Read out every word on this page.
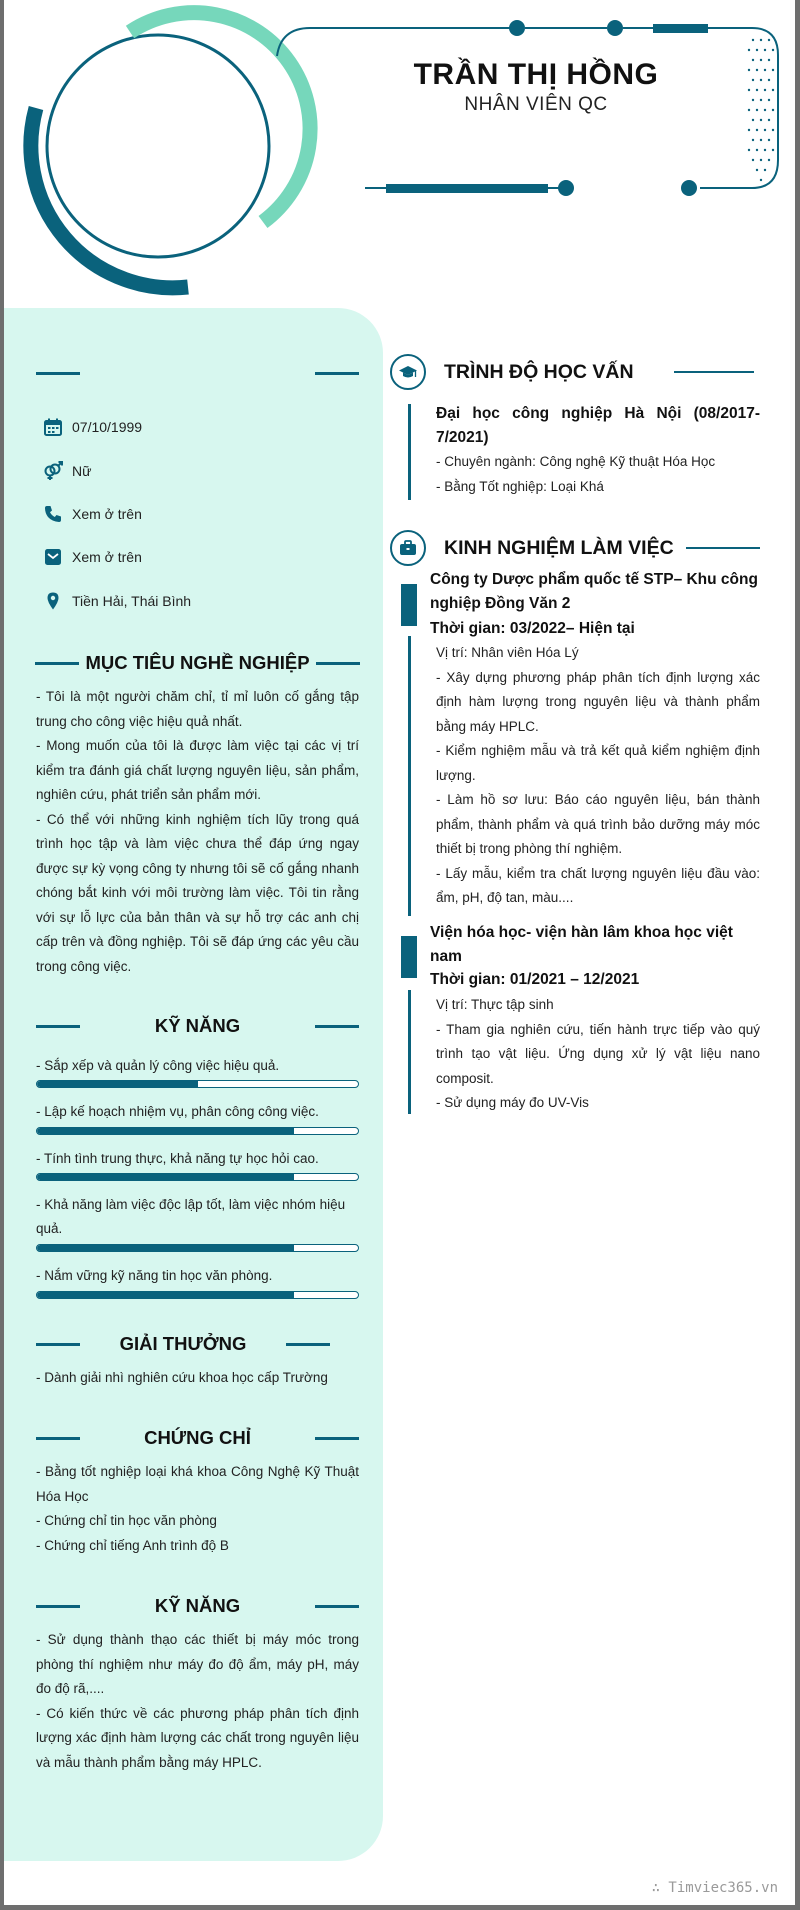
TRẦN THỊ HỒNG
NHÂN VIÊN QC
07/10/1999
Nữ
Xem ở trên
Xem ở trên
Tiền Hải, Thái Bình
MỤC TIÊU NGHỀ NGHIỆP

- Tôi là một người chăm chỉ, tỉ mỉ luôn cố gắng tập trung cho công việc hiệu quả nhất.

- Mong muốn của tôi là được làm việc tại các vị trí kiểm tra đánh giá chất lượng nguyên liệu, sản phẩm, nghiên cứu, phát triển sản phẩm mới.

- Có thể với những kinh nghiệm tích lũy trong quá trình học tập và làm việc chưa thể đáp ứng ngay được sự kỳ vọng công ty nhưng tôi sẽ cố gắng nhanh chóng bắt kinh với môi trường làm việc. Tôi tin rằng với sự lỗ lực của bản thân và sự hỗ trợ các anh chị cấp trên và đồng nghiệp. Tôi sẽ đáp ứng các yêu cầu trong công việc.

KỸ NĂNG
- Sắp xếp và quản lý công việc hiệu quả.
- Lập kế hoạch nhiệm vụ, phân công công việc.
- Tính tình trung thực, khả năng tự học hỏi cao.
- Khả năng làm việc độc lập tốt, làm việc nhóm hiệu quả.
- Nắm vững kỹ năng tin học văn phòng.
GIẢI THƯỞNG

- Dành giải nhì nghiên cứu khoa học cấp Trường

CHỨNG CHỈ

- Bằng tốt nghiệp loại khá khoa Công Nghệ Kỹ Thuật Hóa Học

- Chứng chỉ tin học văn phòng

- Chứng chỉ tiếng Anh trình độ B

KỸ NĂNG

- Sử dụng thành thạo các thiết bị máy móc trong phòng thí nghiệm như máy đo độ ẩm, máy pH, máy đo độ rã,....

- Có kiến thức về các phương pháp phân tích định lượng xác định hàm lượng các chất trong nguyên liệu và mẫu thành phẩm bằng máy HPLC.

TRÌNH ĐỘ HỌC VẤN
Đại học công nghiệp Hà Nội (08/2017-7/2021)

- Chuyên ngành: Công nghệ Kỹ thuật Hóa Học

- Bằng Tốt nghiệp: Loại Khá

KINH NGHIỆM LÀM VIỆC
Công ty Dược phẩm quốc tế STP– Khu công nghiệp Đồng Văn 2
Thời gian: 03/2022– Hiện tại

Vị trí: Nhân viên Hóa Lý

- Xây dựng phương pháp phân tích định lượng xác định hàm lượng trong nguyên liệu và thành phẩm bằng máy HPLC.

- Kiểm nghiệm mẫu và trả kết quả kiểm nghiệm định lượng.

- Làm hồ sơ lưu: Báo cáo nguyên liệu, bán thành phẩm, thành phẩm và quá trình bảo dưỡng máy móc thiết bị trong phòng thí nghiệm.

- Lấy mẫu, kiểm tra chất lượng nguyên liệu đầu vào: ẩm, pH, độ tan, màu....

Viện hóa học- viện hàn lâm khoa học việt nam
Thời gian: 01/2021 – 12/2021

Vị trí: Thực tập sinh

- Tham gia nghiên cứu, tiến hành trực tiếp vào quý trình tạo vật liệu. Ứng dụng xử lý vật liệu nano composit.

- Sử dụng máy đo UV-Vis

∴ Timviec365.vn
